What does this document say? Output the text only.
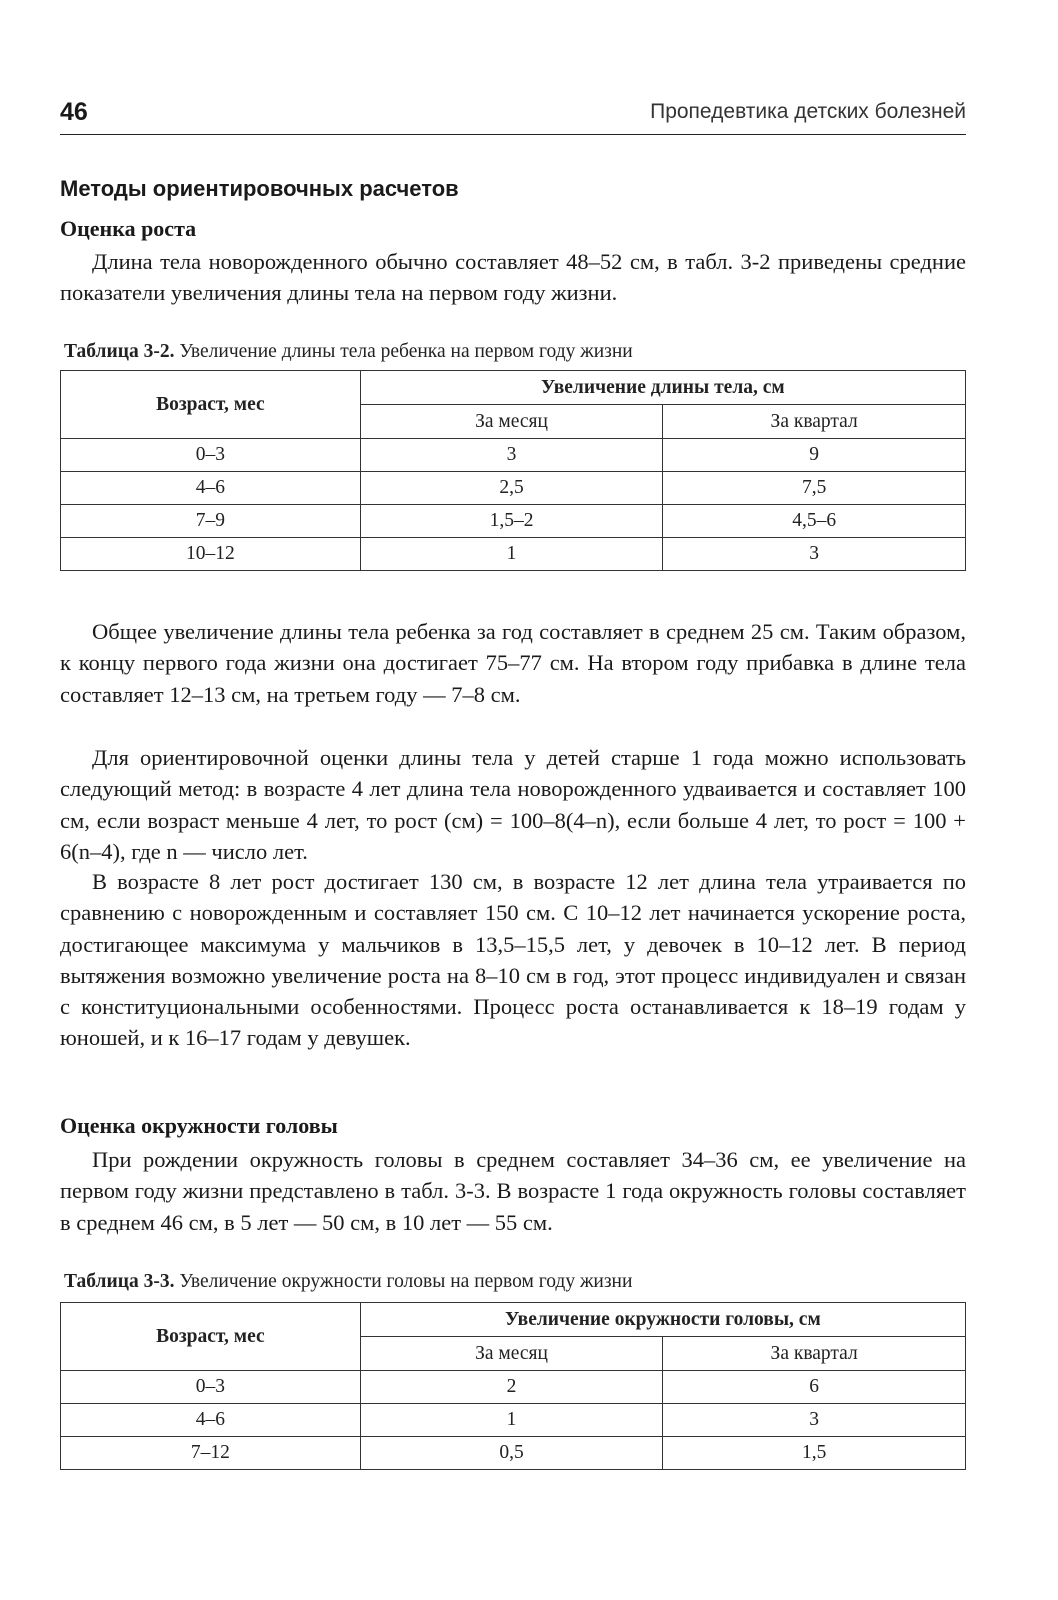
46	Пропедевтика детских болезней
Методы ориентировочных расчетов
Оценка роста

Длина тела новорожденного обычно составляет 48–52 см, в табл. 3-2 приведены средние показатели увеличения длины тела на первом году жизни.

Таблица 3-2. Увеличение длины тела ребенка на первом году жизни
Возраст, мес	Увеличение длины тела, см	
	За месяц	За квартал
0–3	3	9
4–6	2,5	7,5
7–9	1,5–2	4,5–6
10–12	1	3

Общее увеличение длины тела ребенка за год составляет в среднем 25 см. Таким образом, к концу первого года жизни она достигает 75–77 см. На втором году прибавка в длине тела составляет 12–13 см, на третьем году — 7–8 см.

Для ориентировочной оценки длины тела у детей старше 1 года можно использовать следующий метод: в возрасте 4 лет длина тела новорожденного удваивается и составляет 100 см, если возраст меньше 4 лет, то рост (см) = 100–8(4–n), если больше 4 лет, то рост = 100 + 6(n–4), где n — число лет.

В возрасте 8 лет рост достигает 130 см, в возрасте 12 лет длина тела утраивается по сравнению с новорожденным и составляет 150 см. С 10–12 лет начинается ускорение роста, достигающее максимума у мальчиков в 13,5–15,5 лет, у девочек в 10–12 лет. В период вытяжения возможно увеличение роста на 8–10 см в год, этот процесс индивидуален и связан с конституциональными особенностями. Процесс роста останавливается к 18–19 годам у юношей, и к 16–17 годам у девушек.

Оценка окружности головы

При рождении окружность головы в среднем составляет 34–36 см, ее увеличение на первом году жизни представлено в табл. 3-3. В возрасте 1 года окружность головы составляет в среднем 46 см, в 5 лет — 50 см, в 10 лет — 55 см.

Таблица 3-3. Увеличение окружности головы на первом году жизни
Возраст, мес	Увеличение окружности головы, см	
	За месяц	За квартал
0–3	2	6
4–6	1	3
7–12	0,5	1,5
